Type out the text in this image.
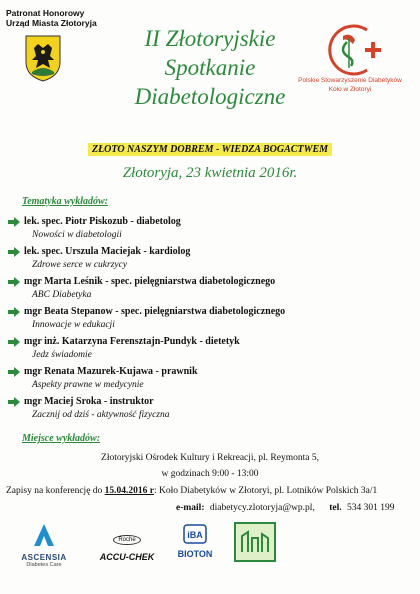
Patronat Honorowy
Urząd Miasta Złotoryja
II Złotoryjskie
Spotkanie
Diabetologiczne
Polskie Stowarzyszenie Diabetyków
Koło w Złotoryi
ZŁOTO NASZYM DOBREM - WIEDZA BOGACTWEM
Złotoryja, 23 kwietnia 2016r.
Tematyka wykładów:
lek. spec. Piotr Piskozub - diabetolog
Nowości w diabetologii
lek. spec. Urszula Maciejak - kardiolog
Zdrowe serce w cukrzycy
mgr Marta Leśnik - spec. pielęgniarstwa diabetologicznego
ABC Diabetyka
mgr Beata Stepanow - spec. pielęgniarstwa diabetologicznego
Innowacje w edukacji
mgr inż. Katarzyna Ferensztajn-Pundyk - dietetyk
Jedz świadomie
mgr Renata Mazurek-Kujawa - prawnik
Aspekty prawne w medycynie
mgr Maciej Sroka - instruktor
Zacznij od dziś - aktywność fizyczna
Miejsce wykładów:
Złotoryjski Ośrodek Kultury i Rekreacji, pl. Reymonta 5,
w godzinach 9:00 - 13:00
Zapisy na konferencję do 15.04.2016 r: Koło Diabetyków w Złotoryi, pl. Lotników Polskich 3a/1
e-mail: diabetycy.zlotoryja@wp.pl, tel. 534 301 199
ASCENSIA
Diabetes Care
Roche
ACCU-CHEK
iBA
BIOTON
